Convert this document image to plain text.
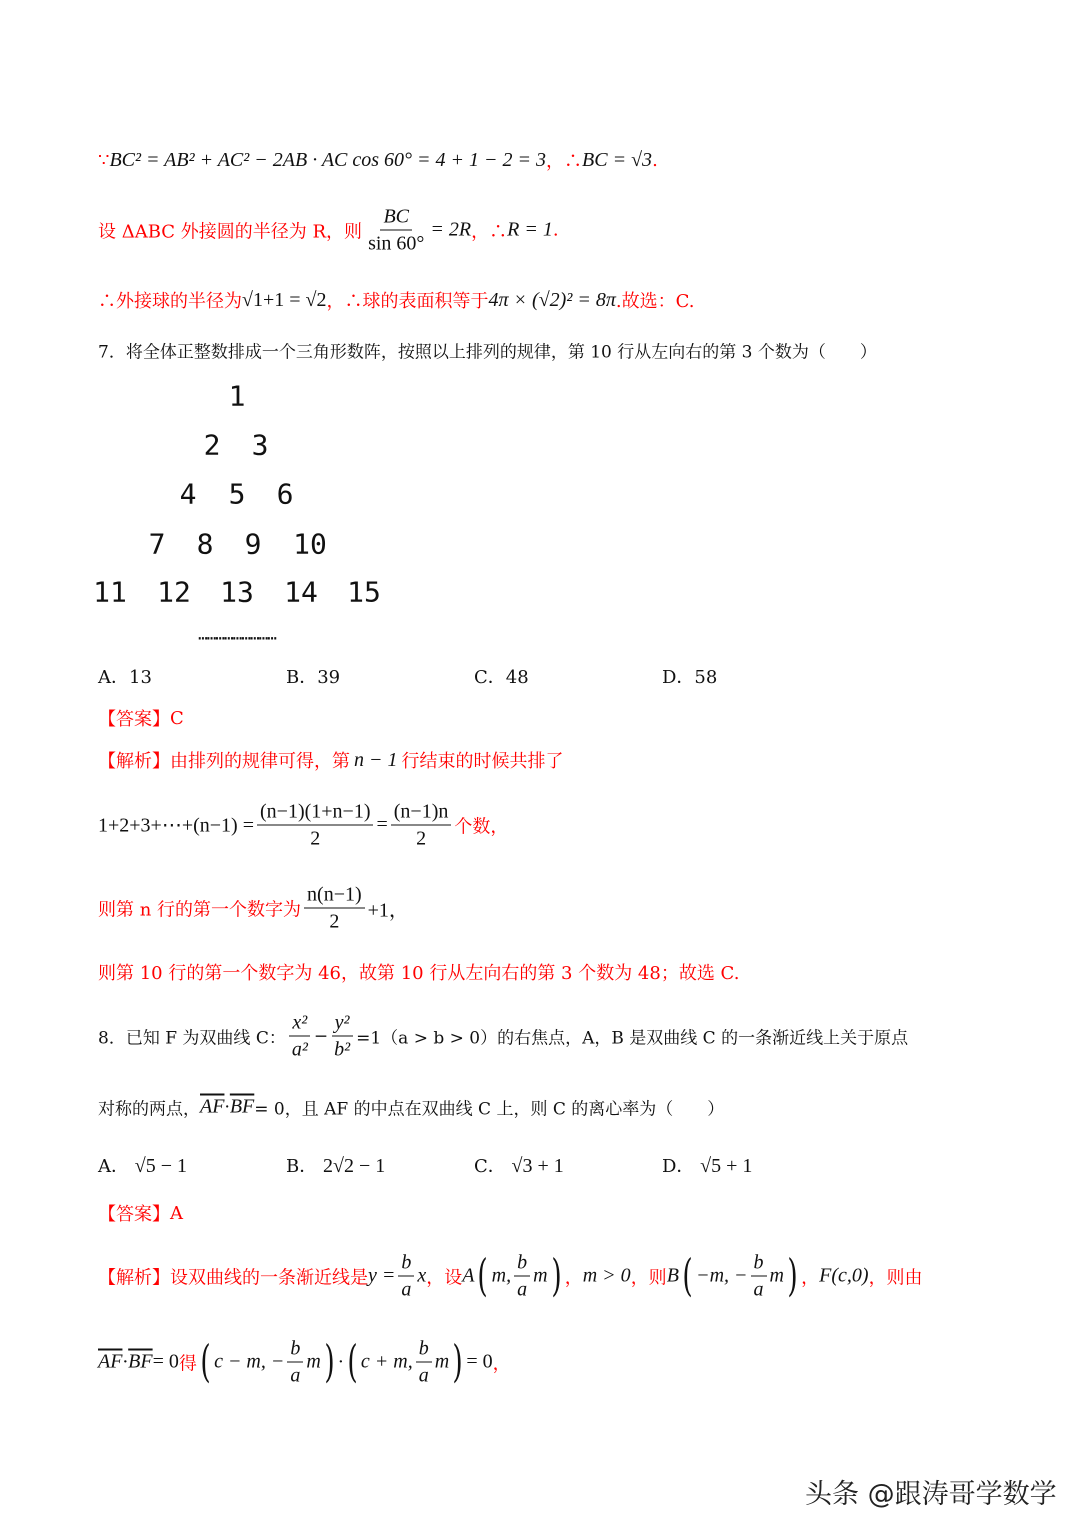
∵ BC² = AB² + AC² − 2AB · AC cos 60° = 4 + 1 − 2 = 3 ，∴ BC = √3 .
设 ΔABC 外接圆的半径为 R，则 $\frac{BC}{\sin 60^\circ} = 2R$ ，∴ R = 1 .
∴外接球的半径为 √1+1 = √2 ，∴球的表面积等于 4π × (√2)² = 8π .故选：C.
7．将全体正整数排成一个三角形数阵，按照以上排列的规律，第 10 行从左向右的第 3 个数为（　　）
1
2 3
4 5 6
7 8 9 10
11 12 13 14 15
………………………
A．13	B．39	C．48	D．58
【答案】 C
【解析】由排列的规律可得，第 n − 1 行结束的时候共排了
1+2+3+⋯+(n−1) = $\frac{(n-1)(1+n-1)}{2} = \frac{(n-1)n}{2}$ 个数，
则第 n 行的第一个数字为 $\frac{n(n-1)}{2} +1$，
则第 10 行的第一个数字为 46，故第 10 行从左向右的第 3 个数为 48；故选 C.
8．已知 F 为双曲线 C： $\frac{\text{x²}}{\text{a²}} - \frac{\text{y²}}{\text{b²}} =1(a > b > 0)$的右焦点，A，B 是双曲线 C 的一条渐近线上关于原点
对称的两点， $\overline{AF} \cdot \overline{BF} = 0$，且 AF 的中点在双曲线 C 上，则 C 的离心率为（　　）
A． √5 − 1	B． 2√2 − 1	C． √3 + 1	D． √5 + 1
【答案】 A
【解析】设双曲线的一条渐近线是 $y = \frac{b}{a}$ x ，设 A ( m, $\frac{b}{a}$ m ) ， m > 0 ，则 B ( −m, − $\frac{b}{a}$ m ) ， F(c,0) ，则由
$\overline{AF} \cdot \overline{BF} = 0$ 得 ( c − m, − $\frac{b}{a}$ m ) · ( c + m, $\frac{b}{a}$ m ) = 0 ，
头条 @跟涛哥学数学
